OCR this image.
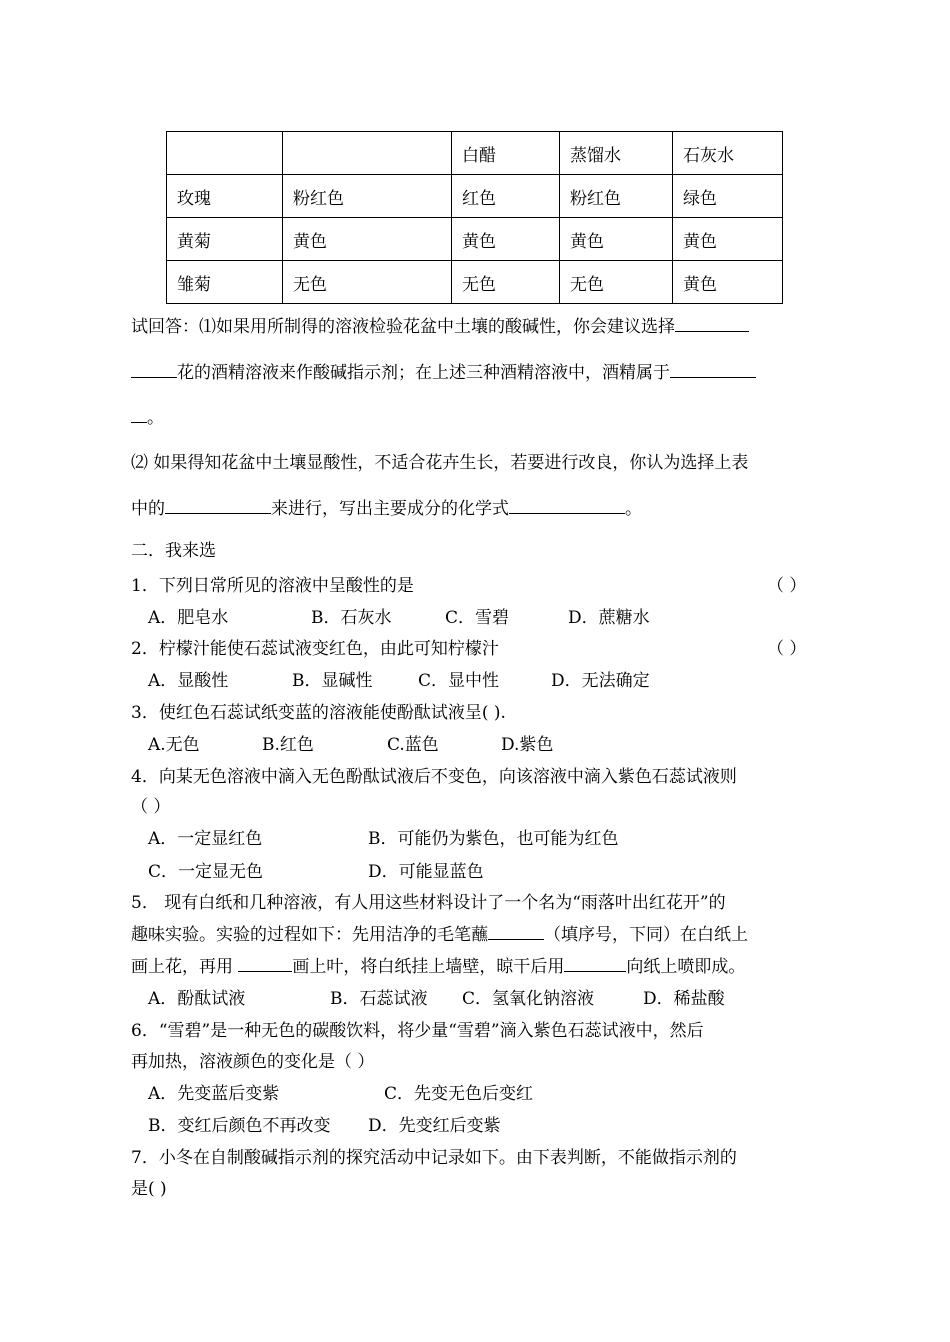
		白醋	蒸馏水	石灰水
玫瑰	粉红色	红色	粉红色	绿色
黄菊	黄色	黄色	黄色	黄色
雏菊	无色	无色	无色	黄色
试回答：⑴如果用所制得的溶液检验花盆中土壤的酸碱性，你会建议选择
花的酒精溶液来作酸碱指示剂；在上述三种酒精溶液中，酒精属于
。
⑵ 如果得知花盆中土壤显酸性，不适合花卉生长，若要进行改良，你认为选择上表
中的	来进行，写出主要成分的化学式	。
二．我来选
1．下列日常所见的溶液中呈酸性的是	（ ）
A．肥皂水	B．石灰水	C．雪碧	D．蔗糖水
2．柠檬汁能使石蕊试液变红色，由此可知柠檬汁	（ ）
A．显酸性	B．显碱性	C．显中性	D．无法确定
3．使红色石蕊试纸变蓝的溶液能使酚酞试液呈( ).
A.无色	B.红色	C.蓝色	D.紫色
4．向某无色溶液中滴入无色酚酞试液后不变色，向该溶液中滴入紫色石蕊试液则
（ ）
A．一定显红色	B．可能仍为紫色，也可能为红色
C．一定显无色	D．可能显蓝色
5． 现有白纸和几种溶液，有人用这些材料设计了一个名为“雨落叶出红花开”的
趣味实验。实验的过程如下：先用洁净的毛笔蘸	（填序号，下同）在白纸上
画上花，再用	画上叶，将白纸挂上墙壁，晾干后用	向纸上喷即成。
A．酚酞试液	B．石蕊试液 C．氢氧化钠溶液	D．稀盐酸
6．“雪碧”是一种无色的碳酸饮料，将少量“雪碧”滴入紫色石蕊试液中，然后
再加热，溶液颜色的变化是（ ）
A．先变蓝后变紫	C．先变无色后变红
B．变红后颜色不再改变 D．先变红后变紫
7．小冬在自制酸碱指示剂的探究活动中记录如下。由下表判断，不能做指示剂的
是( )
